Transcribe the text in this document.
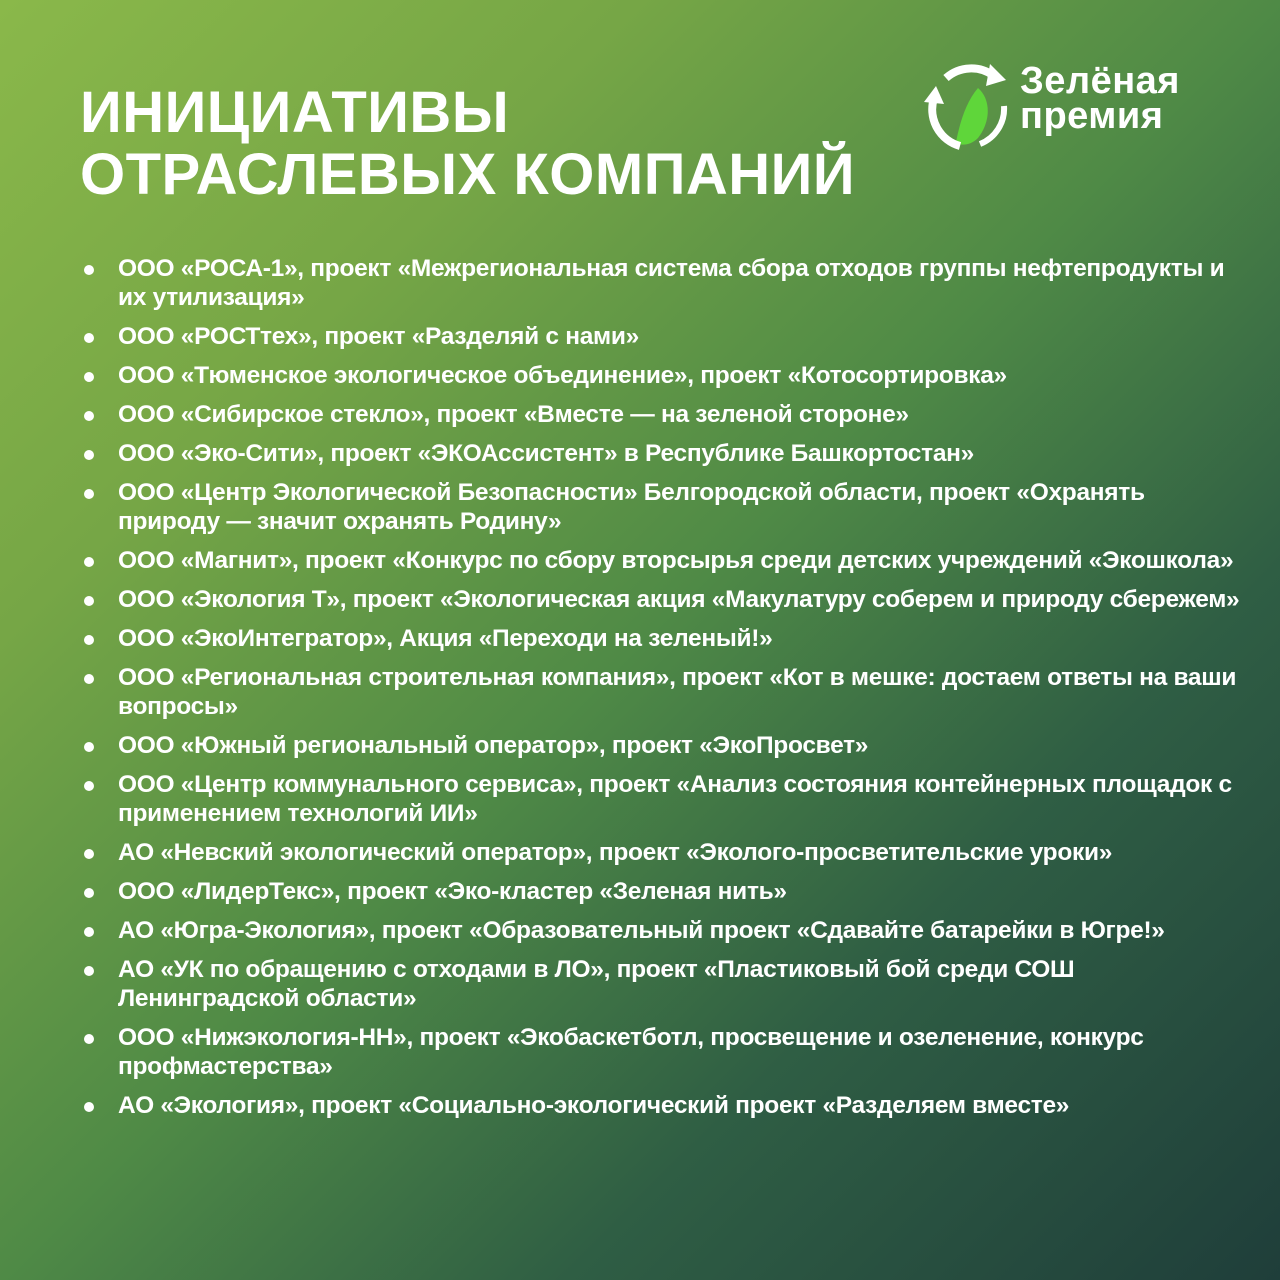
ИНИЦИАТИВЫ
ОТРАСЛЕВЫХ КОМПАНИЙ
Зелёная
премия
ООО «РОСА-1», проект «Межрегиональная система сбора отходов группы нефтепродукты и их утилизация»
ООО «РОСТтех», проект «Разделяй с нами»
ООО «Тюменское экологическое объединение», проект «Котосортировка»
ООО «Сибирское стекло», проект «Вместе — на зеленой стороне»
ООО «Эко-Сити», проект «ЭКОАссистент» в Республике Башкортостан»
ООО «Центр Экологической Безопасности» Белгородской области, проект «Охранять природу — значит охранять Родину»
ООО «Магнит», проект «Конкурс по сбору вторсырья среди детских учреждений «Экошкола»
ООО «Экология Т», проект «Экологическая акция «Макулатуру соберем и природу сбережем»
ООО «ЭкоИнтегратор», Акция «Переходи на зеленый!»
ООО «Региональная строительная компания», проект «Кот в мешке: достаем ответы на ваши вопросы»
ООО «Южный региональный оператор», проект «ЭкоПросвет»
ООО «Центр коммунального сервиса», проект «Анализ состояния контейнерных площадок с применением технологий ИИ»
АО «Невский экологический оператор», проект «Эколого-просветительские уроки»
ООО «ЛидерТекс», проект «Эко-кластер «Зеленая нить»
АО «Югра-Экология», проект «Образовательный проект «Сдавайте батарейки в Югре!»
АО «УК по обращению с отходами в ЛО», проект «Пластиковый бой среди СОШ Ленинградской области»
ООО «Нижэкология-НН», проект «Экобаскетботл, просвещение и озеленение, конкурс профмастерства»
АО «Экология», проект «Социально-экологический проект «Разделяем вместе»
